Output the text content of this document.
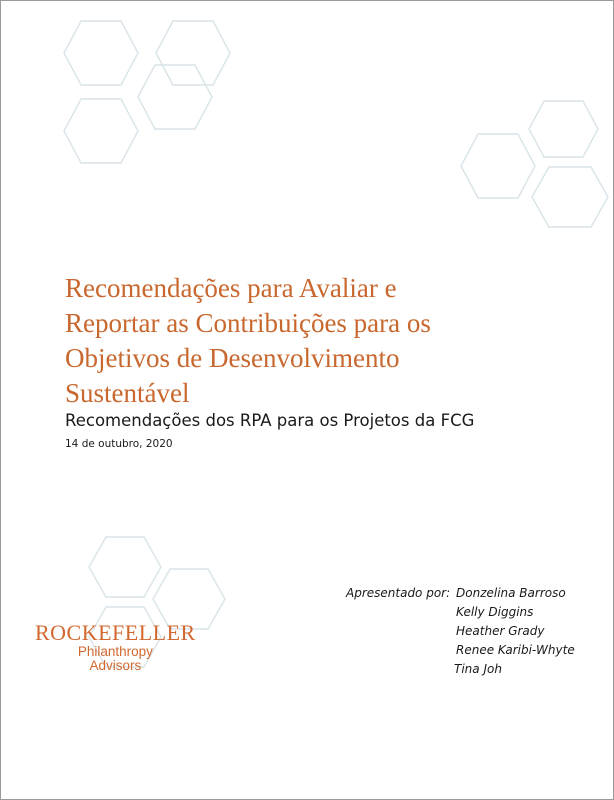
Recomendações para Avaliar e
Reportar as Contribuições para os
Objetivos de Desenvolvimento
Sustentável
Recomendações dos RPA para os Projetos da FCG
14 de outubro, 2020
ROCKEFELLER
Philanthropy
Advisors
Apresentado por: Donzelina Barroso
Kelly Diggins
Heather Grady
Renee Karibi-Whyte
Tina Joh
